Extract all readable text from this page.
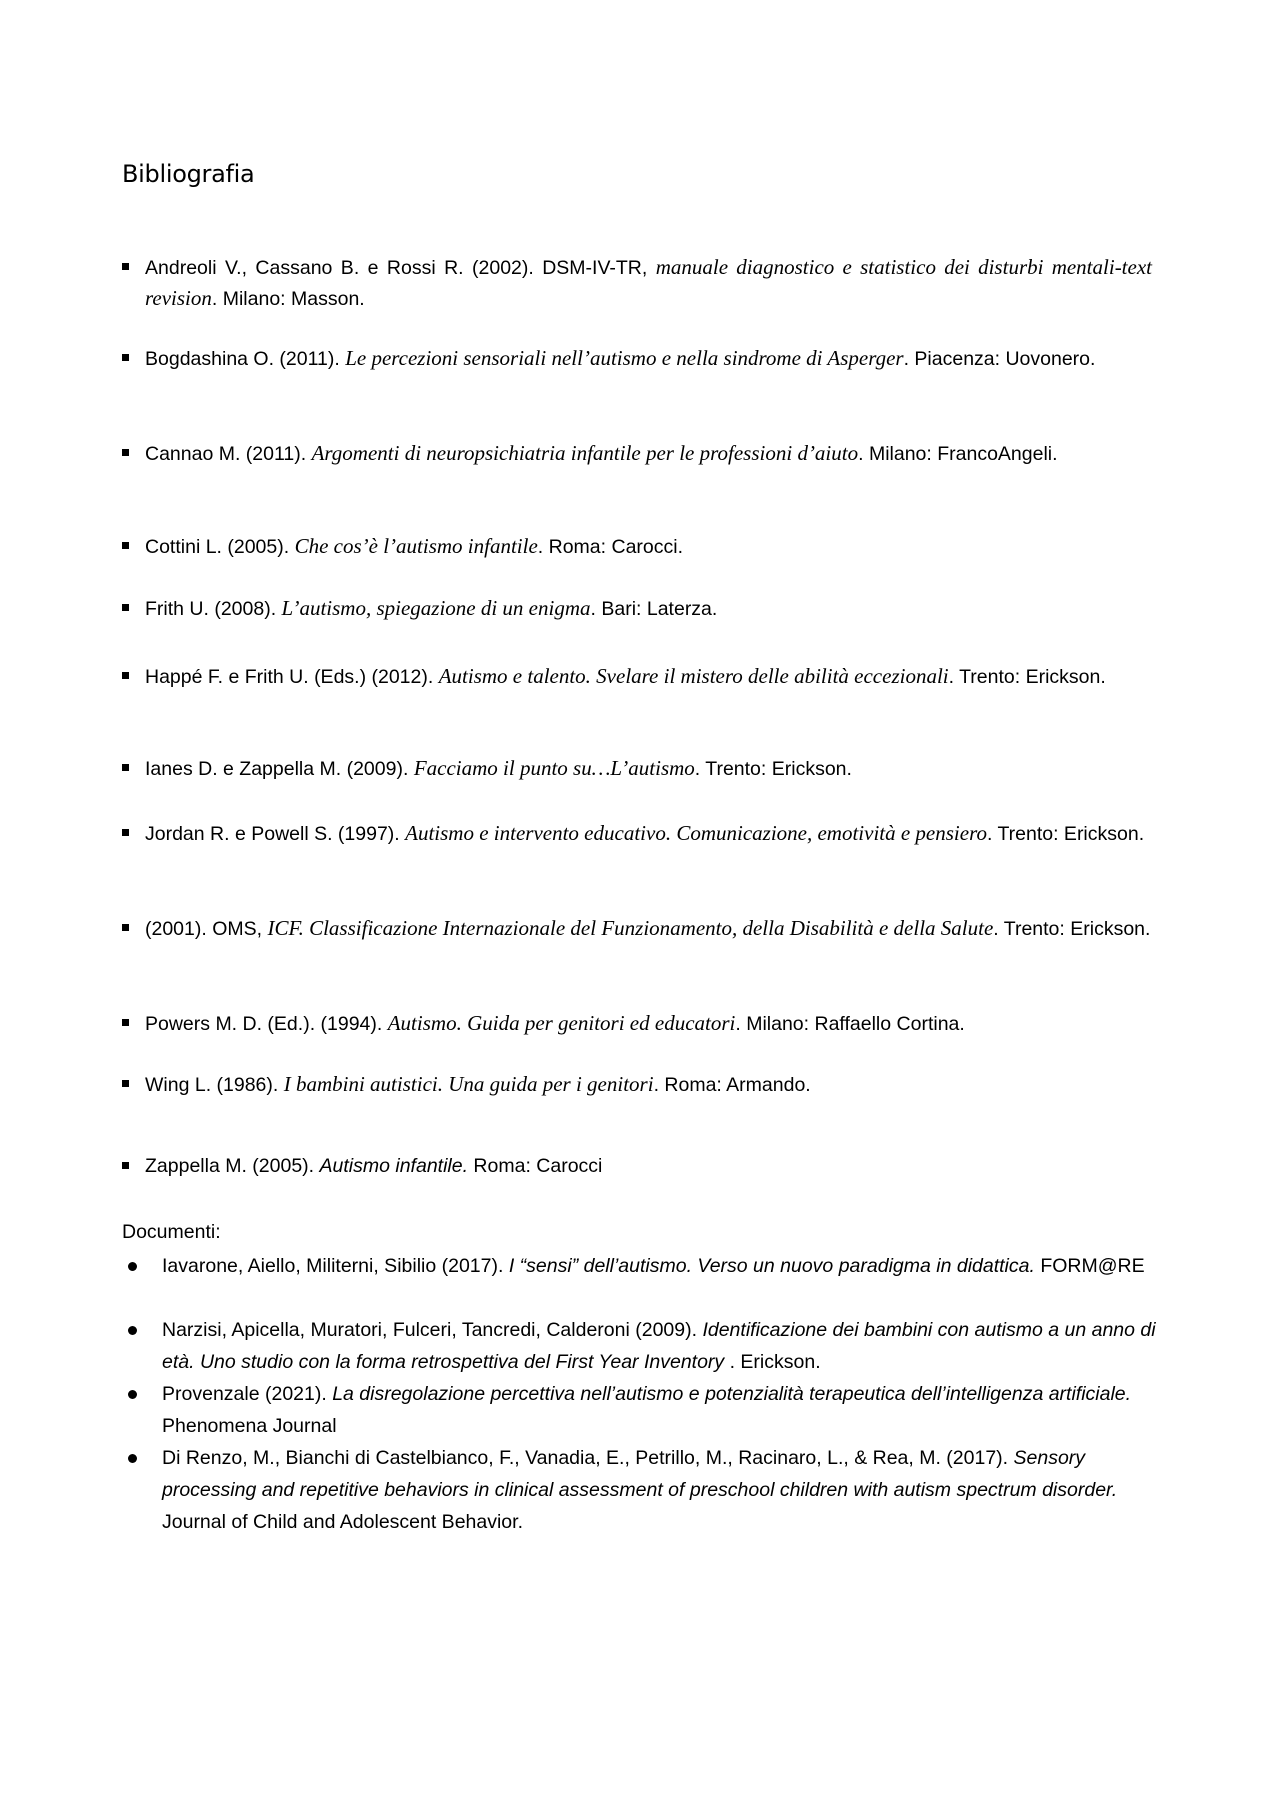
Bibliografia
Andreoli V., Cassano B. e Rossi R. (2002). DSM-IV-TR, manuale diagnostico e statistico dei disturbi mentali-text revision. Milano: Masson.
Bogdashina O. (2011). Le percezioni sensoriali nell’autismo e nella sindrome di Asperger. Piacenza: Uovonero.
Cannao M. (2011). Argomenti di neuropsichiatria infantile per le professioni d’aiuto. Milano: FrancoAngeli.
Cottini L. (2005). Che cos’è l’autismo infantile. Roma: Carocci.
Frith U. (2008). L’autismo, spiegazione di un enigma. Bari: Laterza.
Happé F. e Frith U. (Eds.) (2012). Autismo e talento. Svelare il mistero delle abilità eccezionali. Trento: Erickson.
Ianes D. e Zappella M. (2009). Facciamo il punto su…L’autismo. Trento: Erickson.
Jordan R. e Powell S. (1997). Autismo e intervento educativo. Comunicazione, emotività e pensiero. Trento: Erickson.
(2001). OMS, ICF. Classificazione Internazionale del Funzionamento, della Disabilità e della Salute. Trento: Erickson.
Powers M. D. (Ed.). (1994). Autismo. Guida per genitori ed educatori. Milano: Raffaello Cortina.
Wing L. (1986). I bambini autistici. Una guida per i genitori. Roma: Armando.
Zappella M. (2005). Autismo infantile. Roma: Carocci
Documenti:
Iavarone, Aiello, Militerni, Sibilio (2017). I “sensi” dell’autismo. Verso un nuovo paradigma in didattica. FORM@RE
Narzisi, Apicella, Muratori, Fulceri, Tancredi, Calderoni (2009). Identificazione dei bambini con autismo a un anno di età. Uno studio con la forma retrospettiva del First Year Inventory . Erickson.
Provenzale (2021). La disregolazione percettiva nell’autismo e potenzialità terapeutica dell’intelligenza artificiale. Phenomena Journal
Di Renzo, M., Bianchi di Castelbianco, F., Vanadia, E., Petrillo, M., Racinaro, L., & Rea, M. (2017). Sensory processing and repetitive behaviors in clinical assessment of preschool children with autism spectrum disorder. Journal of Child and Adolescent Behavior.
